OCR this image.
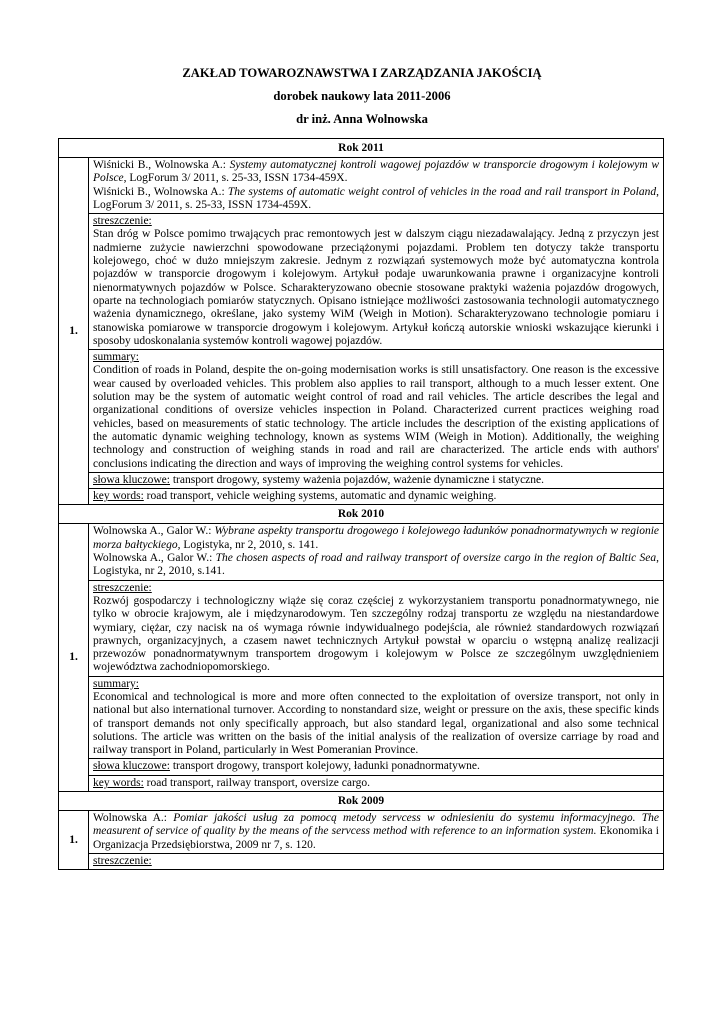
ZAKŁAD TOWAROZNAWSTWA I ZARZĄDZANIA JAKOŚCIĄ
dorobek naukowy lata 2011-2006
dr inż. Anna Wolnowska
Rok 2011	
1.	Wiśnicki B., Wolnowska A.: Systemy automatycznej kontroli wagowej pojazdów w transporcie drogowym i kolejowym w Polsce, LogForum 3/ 2011, s. 25-33, ISSN 1734-459X.
Wiśnicki B., Wolnowska A.: The systems of automatic weight control of vehicles in the road and rail transport in Poland, LogForum 3/ 2011, s. 25-33, ISSN 1734-459X.

	streszczenie:
Stan dróg w Polsce pomimo trwających prac remontowych jest w dalszym ciągu niezadawalający. Jedną z przyczyn jest nadmierne zużycie nawierzchni spowodowane przeciążonymi pojazdami. Problem ten dotyczy także transportu kolejowego, choć w dużo mniejszym zakresie. Jednym z rozwiązań systemowych może być automatyczna kontrola pojazdów w transporcie drogowym i kolejowym. Artykuł podaje uwarunkowania prawne i organizacyjne kontroli nienormatywnych pojazdów w Polsce. Scharakteryzowano obecnie stosowane praktyki ważenia pojazdów drogowych, oparte na technologiach pomiarów statycznych. Opisano istniejące możliwości zastosowania technologii automatycznego ważenia dynamicznego, określane, jako systemy WiM (Weigh in Motion). Scharakteryzowano technologie pomiaru i stanowiska pomiarowe w transporcie drogowym i kolejowym. Artykuł kończą autorskie wnioski wskazujące kierunki i sposoby udoskonalania systemów kontroli wagowej pojazdów.

	summary:
Condition of roads in Poland, despite the on-going modernisation works is still unsatisfactory. One reason is the excessive wear caused by overloaded vehicles. This problem also applies to rail transport, although to a much lesser extent. One solution may be the system of automatic weight control of road and rail vehicles. The article describes the legal and organizational conditions of oversize vehicles inspection in Poland. Characterized current practices weighing road vehicles, based on measurements of static technology. The article includes the description of the existing applications of the automatic dynamic weighing technology, known as systems WIM (Weigh in Motion). Additionally, the weighing technology and construction of weighing stands in road and rail are characterized. The article ends with authors' conclusions indicating the direction and ways of improving the weighing control systems for vehicles.

	słowa kluczowe: transport drogowy, systemy ważenia pojazdów, ważenie dynamiczne i statyczne.
	key words: road transport, vehicle weighing systems, automatic and dynamic weighing.
Rok 2010	
1.	Wolnowska A., Galor W.: Wybrane aspekty transportu drogowego i kolejowego ładunków ponadnormatywnych w regionie morza bałtyckiego, Logistyka, nr 2, 2010, s. 141.
Wolnowska A., Galor W.: The chosen aspects of road and railway transport of oversize cargo in the region of Baltic Sea, Logistyka, nr 2, 2010, s.141.

	streszczenie:
Rozwój gospodarczy i technologiczny wiąże się coraz częściej z wykorzystaniem transportu ponadnormatywnego, nie tylko w obrocie krajowym, ale i międzynarodowym. Ten szczególny rodzaj transportu ze względu na niestandardowe wymiary, ciężar, czy nacisk na oś wymaga równie indywidualnego podejścia, ale również standardowych rozwiązań prawnych, organizacyjnych, a czasem nawet technicznych Artykuł powstał w oparciu o wstępną analizę realizacji przewozów ponadnormatywnym transportem drogowym i kolejowym w Polsce ze szczególnym uwzględnieniem województwa zachodniopomorskiego.

	summary:
Economical and technological is more and more often connected to the exploitation of oversize transport, not only in national but also international turnover. According to nonstandard size, weight or pressure on the axis, these specific kinds of transport demands not only specifically approach, but also standard legal, organizational and also some technical solutions. The article was written on the basis of the initial analysis of the realization of oversize carriage by road and railway transport in Poland, particularly in West Pomeranian Province.

	słowa kluczowe: transport drogowy, transport kolejowy, ładunki ponadnormatywne.
	key words: road transport, railway transport, oversize cargo.
Rok 2009	
1.	Wolnowska A.: Pomiar jakości usług za pomocą metody servcess w odniesieniu do systemu informacyjnego. The measurent of service of quality by the means of the servcess method with reference to an information system. Ekonomika i Organizacja Przedsiębiorstwa, 2009 nr 7, s. 120.

	streszczenie:
